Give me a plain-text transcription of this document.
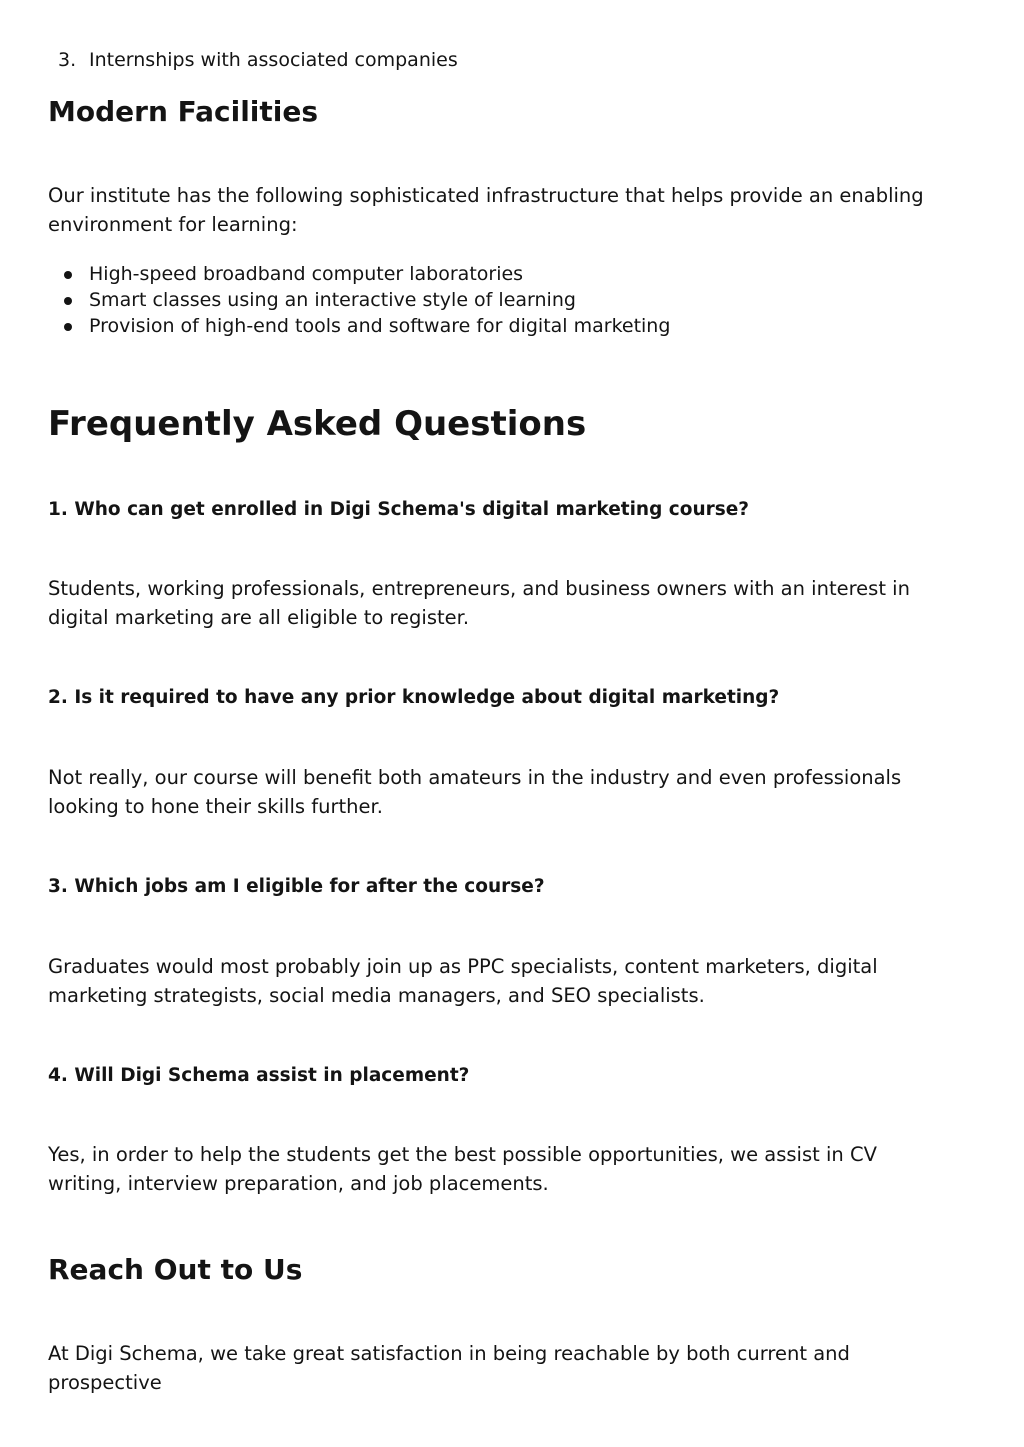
3. Internships with associated companies
Modern Facilities

Our institute has the following sophisticated infrastructure that helps provide an enabling environment for learning:

High-speed broadband computer laboratories
Smart classes using an interactive style of learning
Provision of high-end tools and software for digital marketing
Frequently Asked Questions
1. Who can get enrolled in Digi Schema's digital marketing course?

Students, working professionals, entrepreneurs, and business owners with an interest in digital marketing are all eligible to register.

2. Is it required to have any prior knowledge about digital marketing?

Not really, our course will benefit both amateurs in the industry and even professionals looking to hone their skills further.

3. Which jobs am I eligible for after the course?

Graduates would most probably join up as PPC specialists, content marketers, digital marketing strategists, social media managers, and SEO specialists.

4. Will Digi Schema assist in placement?

Yes, in order to help the students get the best possible opportunities, we assist in CV writing, interview preparation, and job placements.

Reach Out to Us

At Digi Schema, we take great satisfaction in being reachable by both current and prospective
